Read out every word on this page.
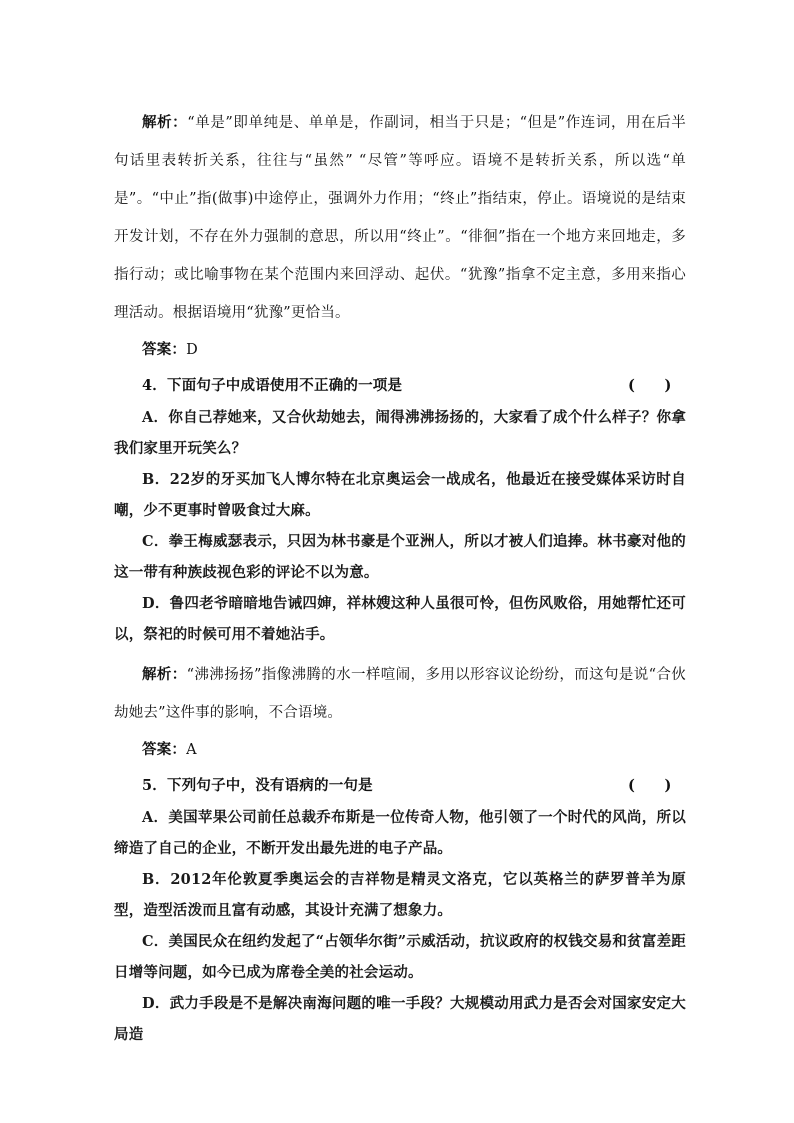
解析：“单是”即单纯是、单单是，作副词，相当于只是；“但是”作连词，用在后半句话里表转折关系，往往与“虽然” “尽管”等呼应。语境不是转折关系，所以选“单是”。“中止”指(做事)中途停止，强调外力作用；“终止”指结束，停止。语境说的是结束开发计划，不存在外力强制的意思，所以用“终止”。“徘徊”指在一个地方来回地走，多指行动；或比喻事物在某个范围内来回浮动、起伏。“犹豫”指拿不定主意，多用来指心理活动。根据语境用“犹豫”更恰当。

答案：D

4．下面句子中成语使用不正确的一项是	(　　)

A．你自己荐她来，又合伙劫她去，闹得沸沸扬扬的，大家看了成个什么样子？你拿我们家里开玩笑么？

B．22岁的牙买加飞人博尔特在北京奥运会一战成名，他最近在接受媒体采访时自嘲，少不更事时曾吸食过大麻。

C．拳王梅威瑟表示，只因为林书豪是个亚洲人，所以才被人们追捧。林书豪对他的这一带有种族歧视色彩的评论不以为意。

D．鲁四老爷暗暗地告诫四婶，祥林嫂这种人虽很可怜，但伤风败俗，用她帮忙还可以，祭祀的时候可用不着她沾手。

解析：“沸沸扬扬”指像沸腾的水一样喧闹，多用以形容议论纷纷，而这句是说“合伙劫她去”这件事的影响，不合语境。

答案：A

5．下列句子中，没有语病的一句是	(　　)

A．美国苹果公司前任总裁乔布斯是一位传奇人物，他引领了一个时代的风尚，所以缔造了自己的企业，不断开发出最先进的电子产品。

B．2012年伦敦夏季奥运会的吉祥物是精灵文洛克，它以英格兰的萨罗普羊为原型，造型活泼而且富有动感，其设计充满了想象力。

C．美国民众在纽约发起了“占领华尔街”示威活动，抗议政府的权钱交易和贫富差距日增等问题，如今已成为席卷全美的社会运动。

D．武力手段是不是解决南海问题的唯一手段？大规模动用武力是否会对国家安定大局造
